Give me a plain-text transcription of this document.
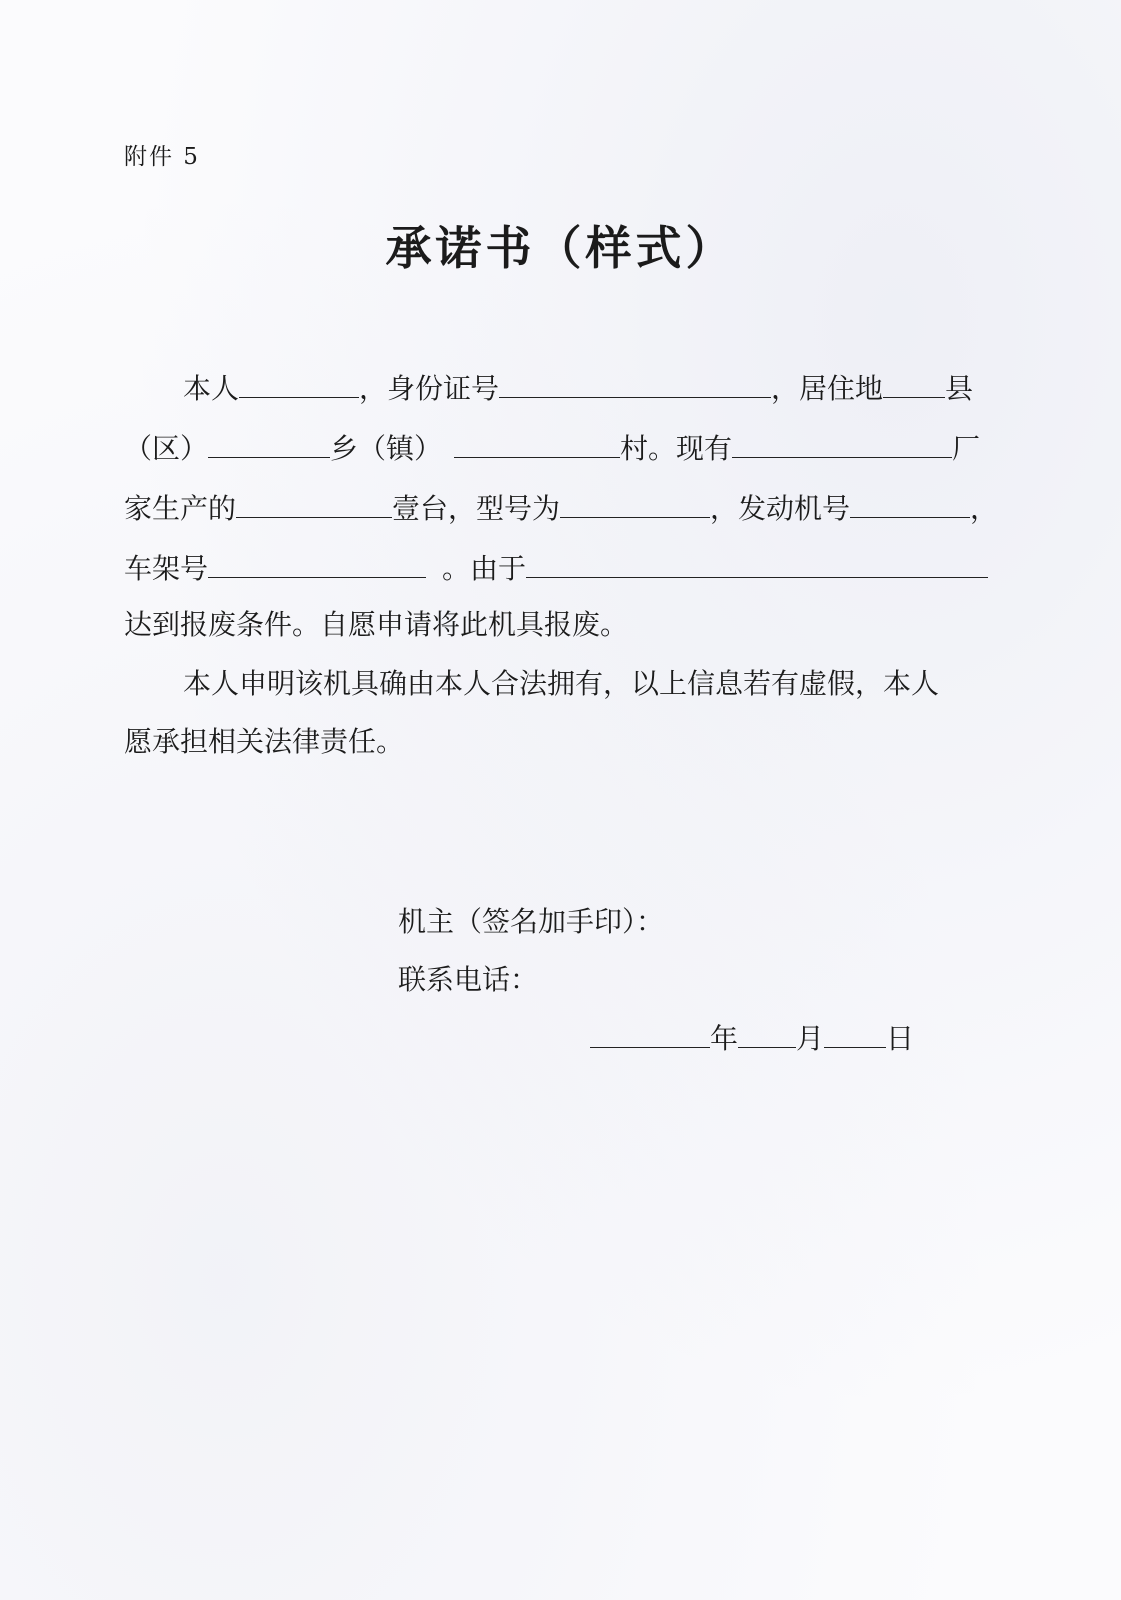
附件 5
承诺书（样式）
本人	，身份证号	，居住地 县
（区）	乡（镇）	村。现有	厂
家生产的	壹台，型号为	，发动机号	，
车架号	。由于
达到报废条件。自愿申请将此机具报废。
本人申明该机具确由本人合法拥有，以上信息若有虚假，本人
愿承担相关法律责任。
机主（签名加手印）：
联系电话：
年 月 日
